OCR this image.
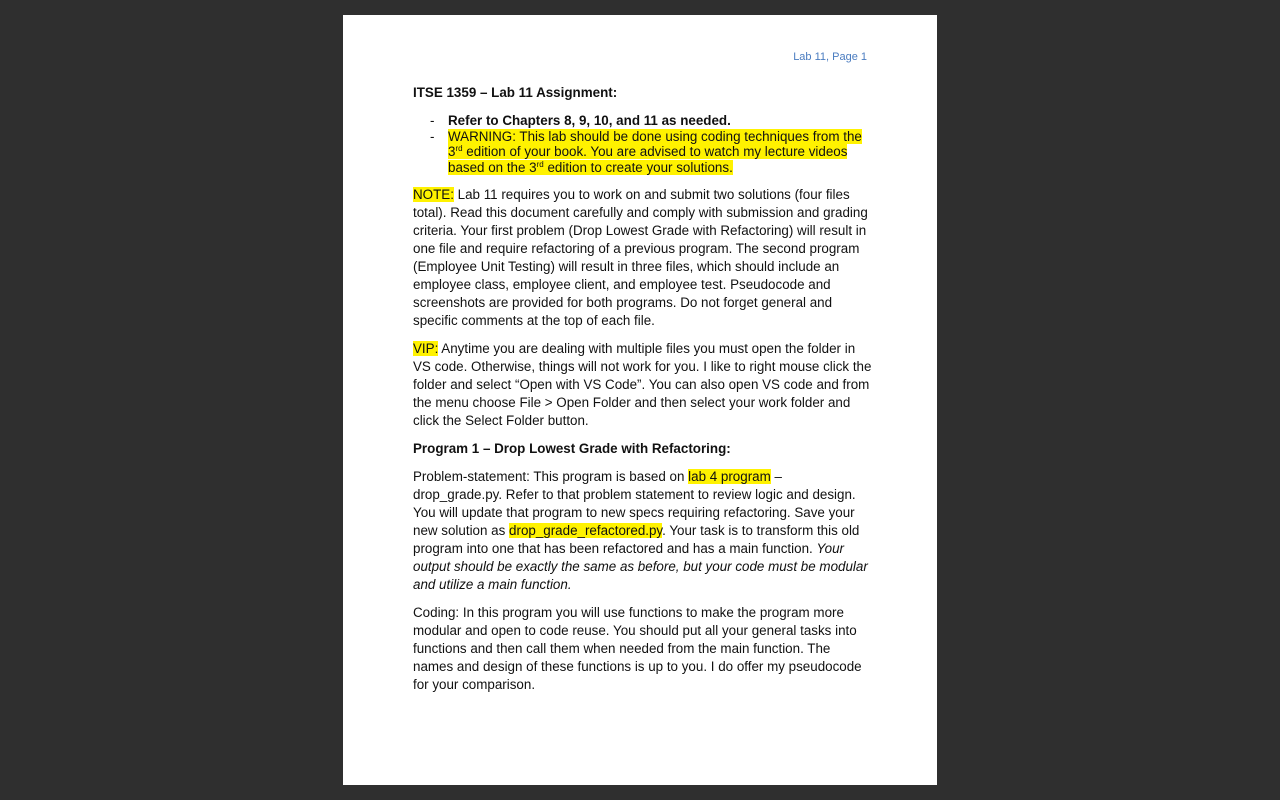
Lab 11, Page 1
ITSE 1359 – Lab 11 Assignment:
- Refer to Chapters 8, 9, 10, and 11 as needed.
- WARNING: This lab should be done using coding techniques from the 3rd edition of your book. You are advised to watch my lecture videos based on the 3rd edition to create your solutions.

NOTE: Lab 11 requires you to work on and submit two solutions (four files total). Read this document carefully and comply with submission and grading criteria. Your first problem (Drop Lowest Grade with Refactoring) will result in one file and require refactoring of a previous program. The second program (Employee Unit Testing) will result in three files, which should include an employee class, employee client, and employee test. Pseudocode and screenshots are provided for both programs. Do not forget general and specific comments at the top of each file.

VIP: Anytime you are dealing with multiple files you must open the folder in VS code. Otherwise, things will not work for you. I like to right mouse click the folder and select “Open with VS Code”. You can also open VS code and from the menu choose File > Open Folder and then select your work folder and click the Select Folder button.

Program 1 – Drop Lowest Grade with Refactoring:

Problem-statement: This program is based on lab 4 program – drop_grade.py. Refer to that problem statement to review logic and design. You will update that program to new specs requiring refactoring. Save your new solution as drop_grade_refactored.py. Your task is to transform this old program into one that has been refactored and has a main function. Your output should be exactly the same as before, but your code must be modular and utilize a main function.

Coding: In this program you will use functions to make the program more modular and open to code reuse. You should put all your general tasks into functions and then call them when needed from the main function. The names and design of these functions is up to you. I do offer my pseudocode for your comparison.
